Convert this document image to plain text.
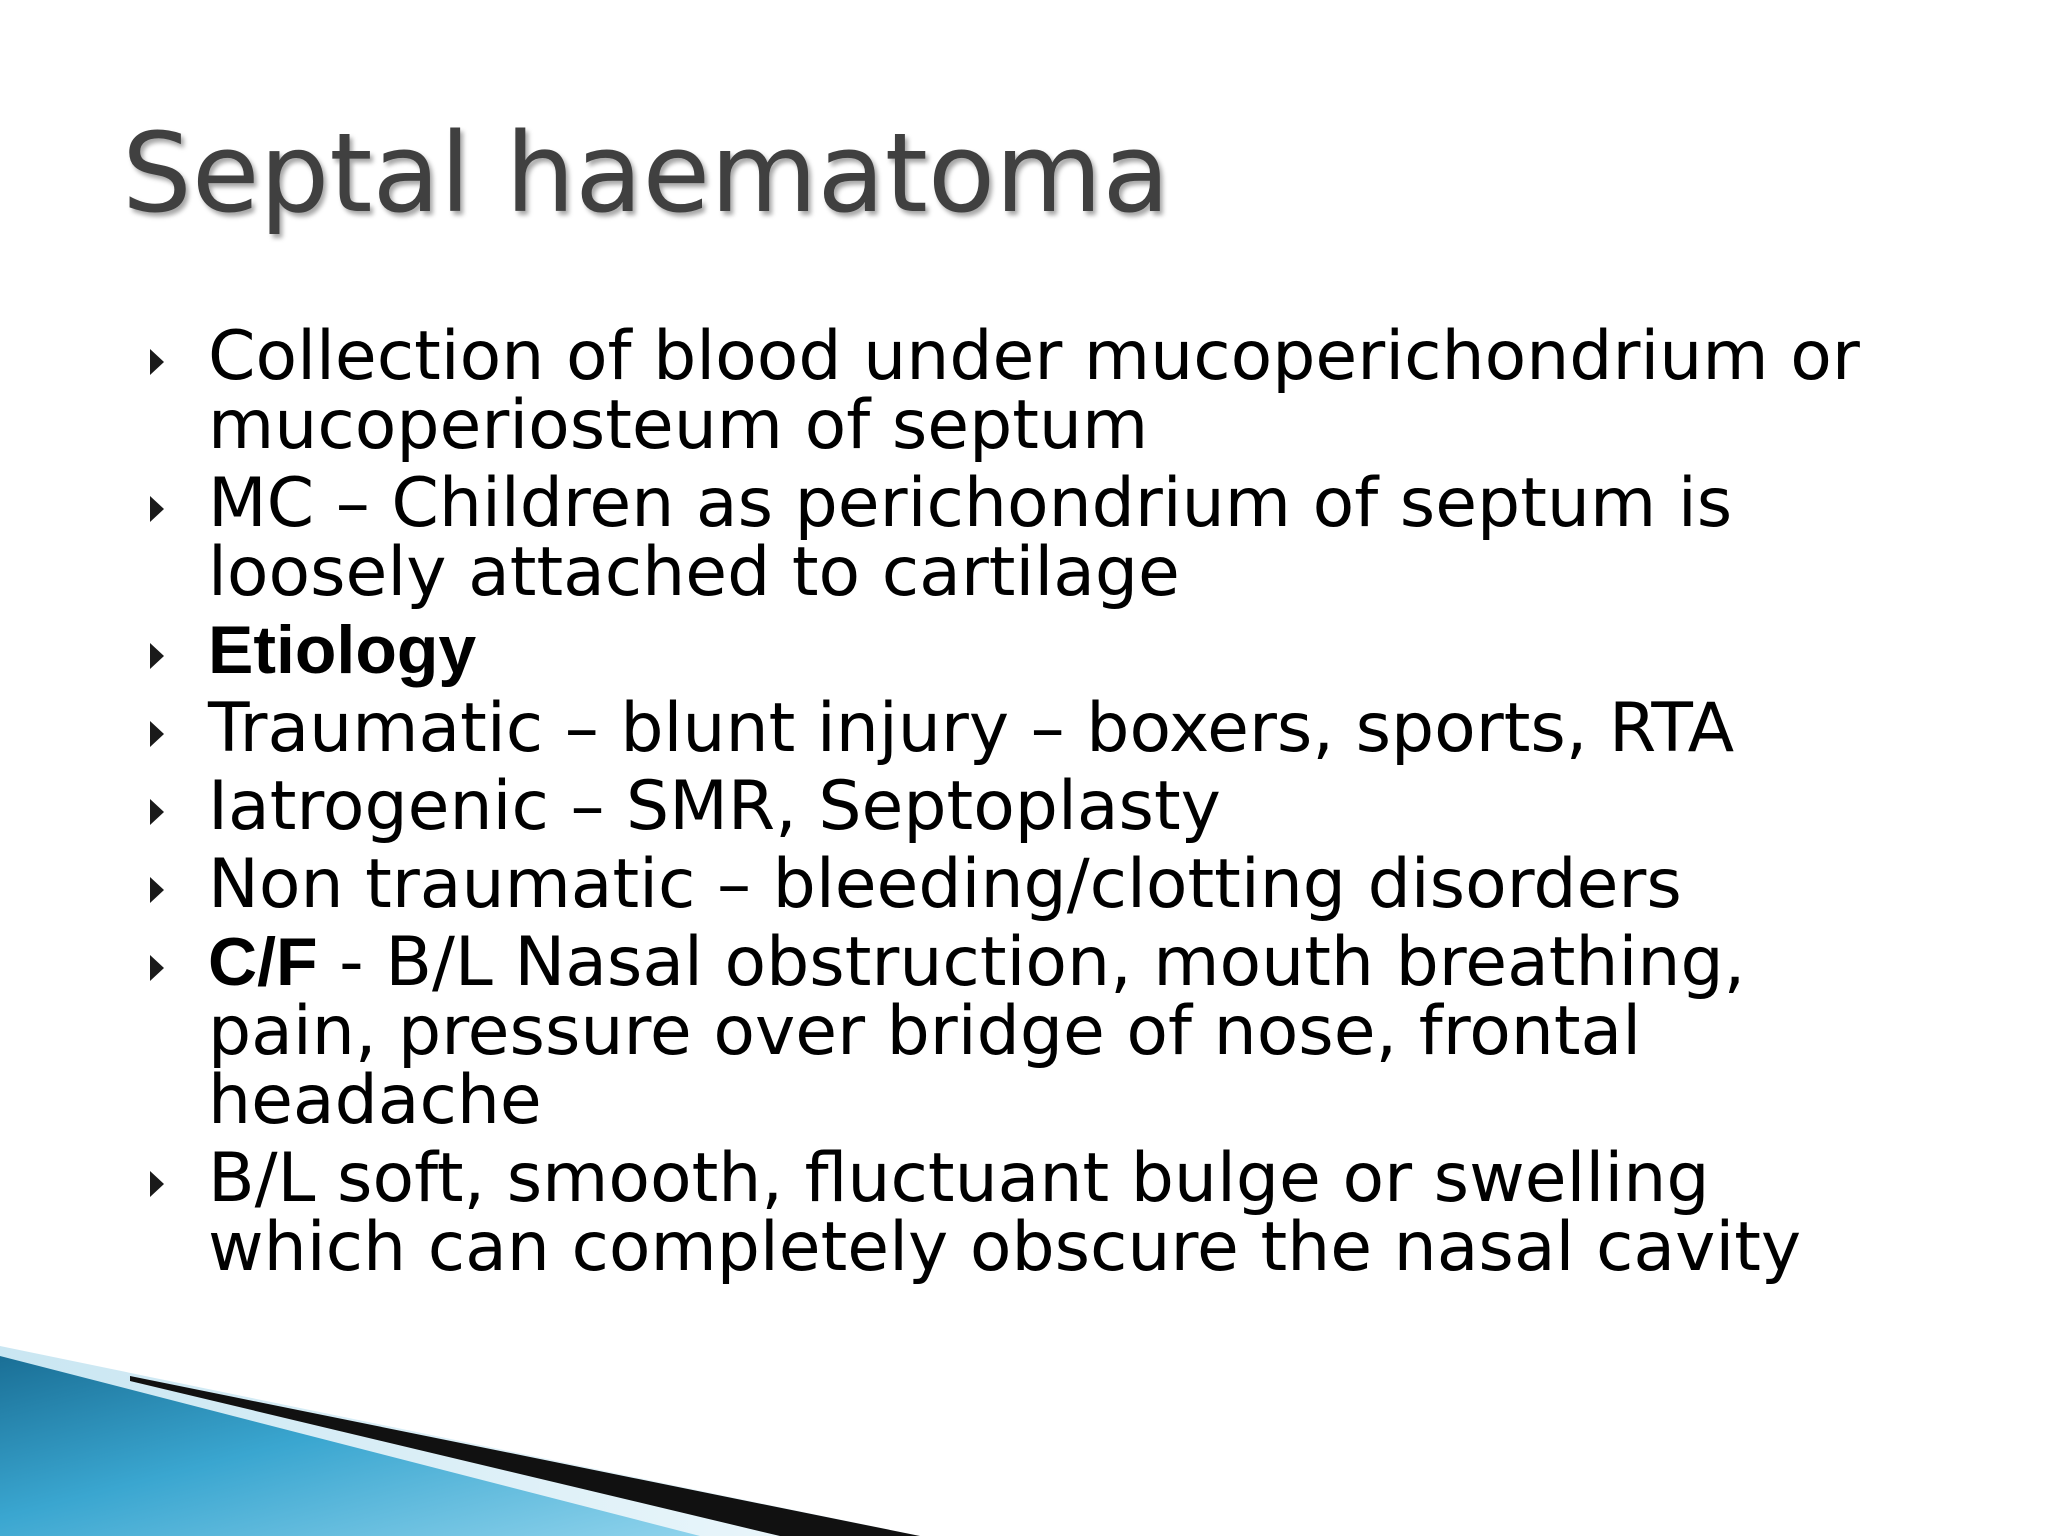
Septal haematoma
Collection of blood under mucoperichondrium or
mucoperiosteum of septum
MC – Children as perichondrium of septum is
loosely attached to cartilage
Etiology
Traumatic – blunt injury – boxers, sports, RTA
Iatrogenic – SMR, Septoplasty
Non traumatic – bleeding/clotting disorders
C/F - B/L Nasal obstruction, mouth breathing,
pain, pressure over bridge of nose, frontal
headache
B/L soft, smooth, fluctuant bulge or swelling
which can completely obscure the nasal cavity
